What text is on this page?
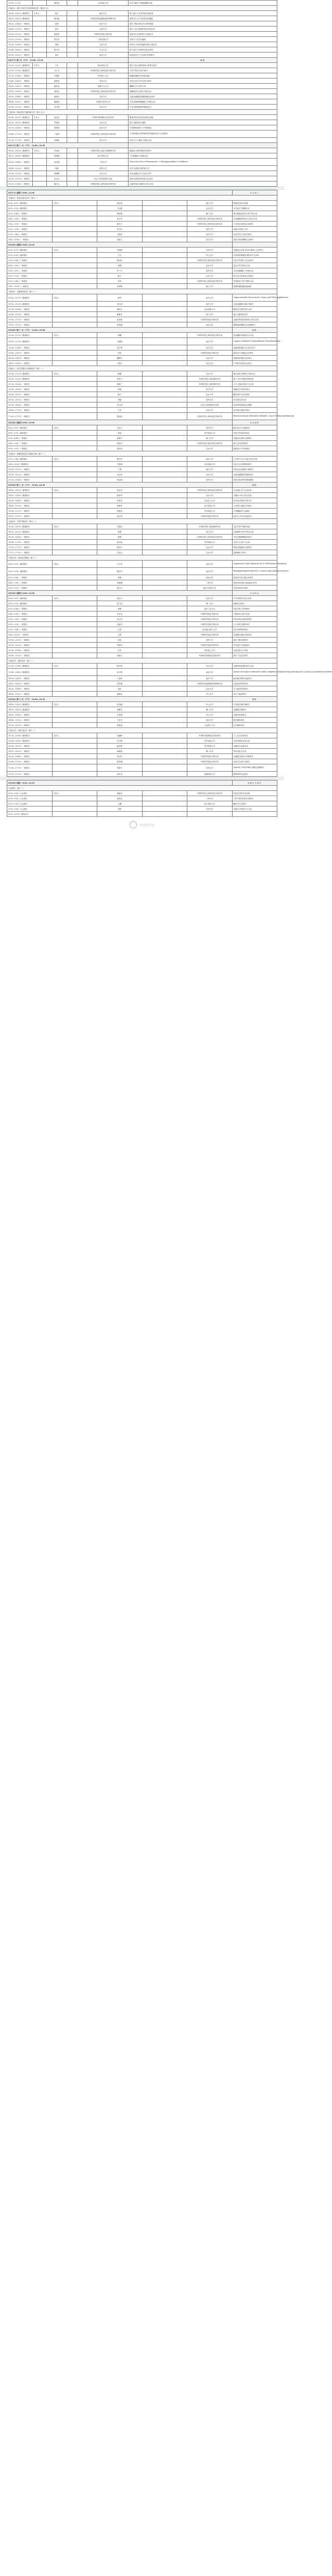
17:00—17:15		林国良		山东师范大学	SOC 催化下的碳氢键的活化
分论坛3：超分子化学与有机材料化学（第四十五）					
14:00—14:15 / 邀请报告	主持人：	杨杰		重庆大学	基于超分子化学构建功能体系
14:15—14:30 / 邀请报告		陈纬铭		中国科学院福建物质结构研究所	新型多孔分子的有机光电催化
14:30—14:45 / 一般报告		赵勇		南开大学	超分子聚合物光学与材料制备
14:45—15:00 / 一般报告		武佳		吉林大学	超分子单元构建的固态发光化学
15:00—15:15 / 一般报告		张振华		中国科学院化学研究所	新型多孔有机材料与光电化学
15:15—15:30 / 一般报告		郑先杰		上海交通大学	有机分子定位功能化
15:30—15:45 / 一般报告		李聪		北京大学	具有分子识别功能的有机合成化学
15:45—16:00 / 一般报告		黄中东		中山大学	基于超分子结构的光化学研究
16:00—16:15 / 一般报告		刘洋		南京大学	纳米管状分子 OLED 材料研究
6月27日 第十天（下午） 13:00—15:30					晚歇
13:00—13:15 / 邀请报告	主持人：	王宏		南京师范大学	超分子化合物的组装与新型光化学
13:15—13:30 / 邀请报告		马大为		中国科学院上海有机化学研究所	天然产物全合成与研究
13:30—13:45 / 一般报告		许建和		华东理工大学	钯催化偶联反应的新进展
13:45—14:00 / 一般报告		邱晓龙		武汉大学	有机合成方法学应用与研究
14:00—14:15 / 一般报告		谢作伟		香港中文大学	硼簇化学与有机合成
14:15—14:30 / 一般报告		刘国生		中国科学院上海有机化学研究所	铜催化的自由基不对称反应
14:30—14:45 / 一般报告		施章杰		北京大学	过渡金属催化的碳氢键活化研究
14:45—15:00 / 一般报告		龚流柱		中国科学技术大学	手性布朗斯特酸催化不对称合成
15:00—15:15 / 一般报告		冯小明		四川大学	手性双氮氧配体的催化化学
分论坛4：绿色化学与催化新方法（第十七六）					
16:00—16:15 / 邀请报告	主持人：	唐本忠		中国科学院理化技术研究所	聚集诱导发光材料的研究进展
16:15—16:30 / 邀请报告		严纯华		北京大学	稀土功能材料与催化
16:30—16:45 / 一般报告		周其林		南开大学	手性螺环配体与不对称催化
16:45—17:00 / 一般报告		丁奎岭		中国科学院上海有机化学研究所	不对称氢化反应的新型手性配体设计与合成研究
17:00—17:15 / 一般报告		孙建伟		复旦大学	有机小分子催化与绿色合成
6月27日 第十一天（下午） 14:00—16:30					
14:00—14:15 / 邀请报告	主持人：	李金林		中国科学院大连化学物理研究所	碳氢化合物的催化转化研究
14:15—14:30 / 邀请报告		张绪穆		南方科技大学	不对称催化与药物合成
14:30—14:45 / 一般报告		涂永强		兰州大学	Discovery of novel benzamine 2,3-diarylpyrrolidine S inhibitors
14:45—15:00 / 一般报告		刘磊		清华大学	化学合成蛋白质的新方法
15:00—15:15 / 一般报告		席振峰		北京大学	有机金属化学与合成方法学
15:15—15:30 / 一般报告		吴云东		北京大学深圳研究生院	理论计算指导的有机反应设计
15:30—15:45 / 一般报告		陈庆云		中国科学院上海有机化学研究所	含氟有机化合物的合成与应用
6月27日 星期六 8:00—12:00					分会场三
分论坛5：有机合成方法学（第十一）					
8:00—8:15 / 邀请报告	主持人：	麻生明		浙江大学	联烯化学研究进展
8:15—8:30 / 邀请报告		王剑波		北京大学	卡宾化学与偶联反应
8:30—8:45 / 一般报告		黄培强		厦门大学	基于酰胺活化的天然产物合成
8:45—9:00 / 一般报告		汤文军		中国科学院上海有机化学研究所	手性磷配体的设计合成与应用
9:00—9:15 / 一般报告		游书力		中国科学院上海有机化学研究所	不对称去芳构化反应研究
9:15—9:30 / 一般报告		朱守非		南开大学	金属卡宾插入反应
9:30—9:45 / 一般报告		王梅祥		清华大学	杂环芳烃大环化学研究
9:45—10:00 / 一般报告		雷爱文		武汉大学	电化学氧化偶联反应研究
6月28日 星期日 8:00—10:30					
8:00—8:15 / 邀请报告	主持人：	朱成峰		苏州大学	光催化自由基 Diels-Alder 反应研究
8:15—8:30 / 邀请报告		王兵		中山大学	手性相转移催化剂的设计与应用
8:30—8:45 / 一般报告		陈以昀		中国科学院上海有机化学研究所	光化学生物正交反应研究
8:45—9:00 / 一般报告		杨震		北京大学	复杂天然产物全合成
9:00—9:15 / 一般报告		罗三中		清华大学	手性伯胺催化不对称反应
9:15—9:30 / 一般报告		焦宁		北京大学	氧气参与的氧化反应研究
9:30—9:45 / 一般报告		李昂		中国科学院上海有机化学研究所	芳香萜类天然产物的合成
9:45—10:00 / 一般报告		史炳锋		浙江大学	钯催化碳氢键官能团化
分论坛6：金属有机化学（第十一）					
10:00—10:15 / 邀请报告	主持人：	陈军		南开大学	Organometallic Macrocycles, Cages and Their Applications
10:15—10:30 / 邀请报告		宋礼成		南开大学	过渡金属簇合物化学研究
10:30—10:45 / 一般报告		邢国文		北京师范大学	糖类化合物的化学合成
10:45—11:00 / 一般报告		陈耀全		四川大学	稀土金属有机化学
11:00—11:15 / 一般报告		孙兆林		中国科学院化学研究所	金属有机框架材料的合成与应用
11:15—11:30 / 一般报告		张奇涵		南京大学	镍催化的偶联反应机理研究
6月28日 第十一天（下午） 13:00—16:00					晚歇
13:00—13:15 / 邀请报告	主持人：	俞飚		中国科学院上海有机化学研究所	复杂糖缀合物的化学合成
13:15—13:30 / 邀请报告		王晓晨		南开大学	Copper-Catalyzed Carboradiation Transformations
13:30—13:45 / 一般报告		刘文博		武汉大学	金属有机催化与合成方法学
13:45—14:00 / 一般报告		叶松		中国科学院化学研究所	氮杂环卡宾催化反应研究
14:00—14:15 / 一般报告		魏俊年		北京大学	铁催化的氧化反应研究
14:15—14:30 / 一般报告		王春江		武汉大学	不对称环加成反应研究
分论坛7：化学生物学与药物化学（第十一）					
15:00—15:15 / 邀请报告	主持人：	陈鹏		北京大学	蛋白质化学修饰与生物正交
15:15—15:30 / 邀请报告		邓洪平		中国科学院上海药物研究所	基于天然产物的药物发现
15:30—15:45 / 一般报告		杨财广		中国科学院上海药物研究所	小分子探针的设计与应用
15:45—16:00 / 一般报告		周翔		武汉大学	核酸化学生物学研究
16:00—16:15 / 一般报告		陈兴		北京大学	糖生物学与化学探针
16:15—16:30 / 一般报告		刘磊		清华大学	化学蛋白质合成
16:30—16:45 / 一般报告		李子刚		北京大学深圳研究生院	多肽药物的稳定化策略
16:45—17:00 / 一般报告		王初		北京大学	化学蛋白质组学研究
17:00—17:15 / 一般报告		胡金波		中国科学院上海有机化学研究所	Electrochemical Method for Benzylic C(sp3)-H Fluoromethylation
6月28日 星期日 8:00—12:00					分会场四
8:00—8:15 / 邀请报告	主持人：	宋毛平		郑州大学	配位化学与功能材料
8:15—8:30 / 邀请报告		徐涛		华中师范大学	有机半导体材料设计
8:30—8:45 / 一般报告		夏海平		厦门大学	金属杂芳香化合物研究
8:45—9:00 / 一般报告		张洪杰		中国科学院长春应用化学研究所	稀土发光材料研究
9:00—9:15 / 一般报告		周其凤		北京大学	液晶高分子材料研究
分论坛8：物理有机化学与理论计算（第十一）					
9:30—9:45 / 邀请报告	主持人：	黎书华		南京大学	分子碎片方法与量子化学计算
9:45—10:00 / 邀请报告		方维海		北京师范大学	光化学反应的理论研究
10:00—10:15 / 一般报告		兰勇		重庆大学	有机反应机理的计算研究
10:15—10:30 / 一般报告		余志祥		北京大学	过渡金属催化的理论设计
10:30—10:45 / 一般报告		帅志刚		清华大学	有机光电材料的理论模拟
6月28日 第十二天（下午） 14:00—16:30					晚歇
14:00—14:15 / 邀请报告	主持人：	刘志军		中国科学院上海有机化学研究所	自由基化学与合成应用
14:15—14:30 / 邀请报告		陈家华		北京大学	含硼分子的合成与性质
14:30—14:45 / 一般报告		许家喜		北京化工大学	环状化合物的合成方法
14:45—15:00 / 一般报告		徐明华		南方科技大学	不对称合成新方法研究
15:00—15:15 / 一般报告		张俊良		华东师范大学	手性膦配体与金催化
15:15—15:30 / 一般报告		杨玉荣		中国科学院化学研究所	有机分子的自组装研究
分论坛9：天然产物化学（第十一）					
16:00—16:15 / 邀请报告	主持人：	岳建民		中国科学院上海药物研究所	活性天然产物的发现
16:15—16:30 / 邀请报告		秦勇		四川大学	生物碱类天然产物全合成
16:30—16:45 / 一般报告		唐勇		中国科学院上海有机化学研究所	手性双噁唑啉配体研究
16:45—17:00 / 一般报告		杨光富		华中师范大学	农药分子设计与合成
17:00—17:15 / 一般报告		贾彦兴		北京大学	吲哚生物碱的合成研究
17:15—17:30 / 一般报告		甘良兵		北京大学	富勒烯化学研究
分论坛10：有机化学教育（第十一）					
8:00—8:15 / 邀请报告	主持人：	王少华		南京大学	Asymmetric Total Synthesis of C6-Chlorinated Diterpenes
8:15—8:30 / 邀请报告		陈庆华		南开大学	Benzylpyridinium derived 1,2-amino ring-opening reactions
8:30—8:45 / 一般报告		张艳		西北大学	新型杂环化合物合成研究
8:45—9:00 / 一般报告		刘晓琳		兰州大学	Photoredox catalysis 研究
9:00—9:15 / 一般报告		胡立宏		南京中医药大学	中药活性成分研究
6月28日 星期日 8:00—12:00					分会场五
8:00—8:15 / 邀请报告	主持人：	赵东元		复旦大学	介孔材料的合成与应用
8:15—8:30 / 邀请报告		郑兰荪		厦门大学	团簇化学研究
8:30—8:45 / 一般报告		黄维		南京工业大学	有机光电子材料研究
8:45—9:00 / 一般报告		李玉良		中国科学院化学研究所	石墨炔的合成与性质
9:00—9:15 / 一般报告		刘云圻		中国科学院化学研究所	有机场效应晶体管材料
9:15—9:30 / 一般报告		朱道本		中国科学院化学研究所	分子材料与器件研究
9:30—9:45 / 一般报告		江雷		北京航空航天大学	仿生界面材料研究
9:45—10:00 / 一般报告		王树		中国科学院化学研究所	共轭聚合物的生物应用
10:00—10:15 / 一般报告		张希		清华大学	超分子聚合物研究
10:15—10:30 / 一般报告		刘鸣华		中国科学院化学研究所	手性超分子组装研究
10:30—10:45 / 一般报告		田禾		华东理工大学	光致变色分子材料
10:45—11:00 / 一般报告		佟振合		中国科学院理化技术研究所	超分子光化学研究
分论坛11：配位化学（第十一）					
13:30—13:45 / 邀请报告	主持人：	陈小明		中山大学	金属有机框架的设计合成
13:45—14:00 / 邀请报告		孙为银		南京大学	Atomic nitrogen-coordinated cobalt complexes catalyzed ring-opening and Cp and Cp-cyclization reactions
14:00—14:15 / 一般报告		卜显和		南开大学	配位聚合物的功能研究
14:15—14:30 / 一般报告		洪茂椿		中国科学院福建物质结构研究所	无机晶体材料研究
14:30—14:45 / 一般报告		高松		北京大学	分子磁性材料研究
14:45—15:00 / 一般报告		童明良		中山大学	单分子磁体研究
6月28日 第十三天（下午） 14:00—16:30					晚歇
14:00—14:15 / 邀请报告	主持人：	张杰鹏		中山大学	多孔配位聚合物研究
14:15—14:30 / 邀请报告		龙腊生		厦门大学	金属簇合物研究
14:30—14:45 / 一般报告		苏成勇		中山大学	金属有机笼研究
14:45—15:00 / 一般报告		王尧宇		西北大学	配位催化研究
15:00—15:15 / 一般报告		段春迎		大连理工大学	仿生催化研究
分论坛12：有机光化学（第十一）					
15:30—15:45 / 邀请报告	主持人：	吴骊珠		中国科学院理化技术研究所	人工光合作用研究
15:45—16:00 / 邀请报告		肖文精		华中师范大学	可见光催化有机合成
16:00—16:15 / 一般报告		陆良秋		华中师范大学	光催化自由基反应
16:15—16:30 / 一般报告		徐海超		厦门大学	有机电化学合成
16:30—16:45 / 一般报告		钟羽武		中国科学院化学研究所	金属配合物电子转移研究
16:45—17:00 / 一般报告		夏吾炯		中国科学院化学研究所	光化学合成方法研究
17:00—17:15 / 一般报告		邹建平		苏州大学	AIMOS/ CEST-MRI 双模态成像研究
17:15—17:30 / 一般报告		唐本忠		香港科技大学	聚集诱导发光研究
6月29日 星期一 8:30—10:10					闭幕式与颁奖
大会报告（第十一）					
8:30—8:50 / 大会报告	主持人：	徐晓东		中国科学院上海有机化学研究所	有机化学的未来发展
8:50—9:10 / 大会报告		周凤良		兰州大学	天然产物导向的合成研究
9:10—9:30 / 大会报告		王鹏		南方科技大学	糖化学与生物学
9:30—9:50 / 大会报告		刘荣		苏州大学	功能分子的设计与合成
9:50—10:10 / 颁奖仪式					
中国化学会
